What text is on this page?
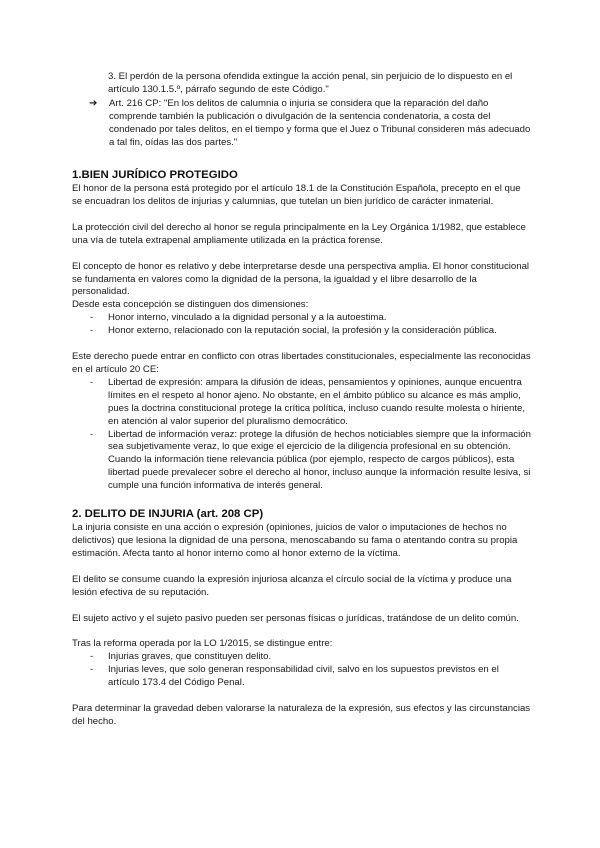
3. El perdón de la persona ofendida extingue la acción penal, sin perjuicio de lo dispuesto en el artículo 130.1.5.º, párrafo segundo de este Código."

➔ Art. 216 CP: "En los delitos de calumnia o injuria se considera que la reparación del daño comprende también la publicación o divulgación de la sentencia condenatoria, a costa del condenado por tales delitos, en el tiempo y forma que el Juez o Tribunal consideren más adecuado a tal fin, oídas las dos partes."
1.BIEN JURÍDICO PROTEGIDO

El honor de la persona está protegido por el artículo 18.1 de la Constitución Española, precepto en el que se encuadran los delitos de injurias y calumnias, que tutelan un bien jurídico de carácter inmaterial.

La protección civil del derecho al honor se regula principalmente en la Ley Orgánica 1/1982, que establece una vía de tutela extrapenal ampliamente utilizada en la práctica forense.

El concepto de honor es relativo y debe interpretarse desde una perspectiva amplia. El honor constitucional se fundamenta en valores como la dignidad de la persona, la igualdad y el libre desarrollo de la personalidad.

Desde esta concepción se distinguen dos dimensiones:

- Honor interno, vinculado a la dignidad personal y a la autoestima.
- Honor externo, relacionado con la reputación social, la profesión y la consideración pública.

Este derecho puede entrar en conflicto con otras libertades constitucionales, especialmente las reconocidas en el artículo 20 CE:

- Libertad de expresión: ampara la difusión de ideas, pensamientos y opiniones, aunque encuentra límites en el respeto al honor ajeno. No obstante, en el ámbito público su alcance es más amplio, pues la doctrina constitucional protege la crítica política, incluso cuando resulte molesta o hiriente, en atención al valor superior del pluralismo democrático.
- Libertad de información veraz: protege la difusión de hechos noticiables siempre que la información sea subjetivamente veraz, lo que exige el ejercicio de la diligencia profesional en su obtención. Cuando la información tiene relevancia pública (por ejemplo, respecto de cargos públicos), esta libertad puede prevalecer sobre el derecho al honor, incluso aunque la información resulte lesiva, si cumple una función informativa de interés general.
2. DELITO DE INJURIA (art. 208 CP)

La injuria consiste en una acción o expresión (opiniones, juicios de valor o imputaciones de hechos no delictivos) que lesiona la dignidad de una persona, menoscabando su fama o atentando contra su propia estimación. Afecta tanto al honor interno como al honor externo de la víctima.

El delito se consume cuando la expresión injuriosa alcanza el círculo social de la víctima y produce una lesión efectiva de su reputación.

El sujeto activo y el sujeto pasivo pueden ser personas físicas o jurídicas, tratándose de un delito común.

Tras la reforma operada por la LO 1/2015, se distingue entre:

- Injurias graves, que constituyen delito.
- Injurias leves, que solo generan responsabilidad civil, salvo en los supuestos previstos en el artículo 173.4 del Código Penal.

Para determinar la gravedad deben valorarse la naturaleza de la expresión, sus efectos y las circunstancias del hecho.
